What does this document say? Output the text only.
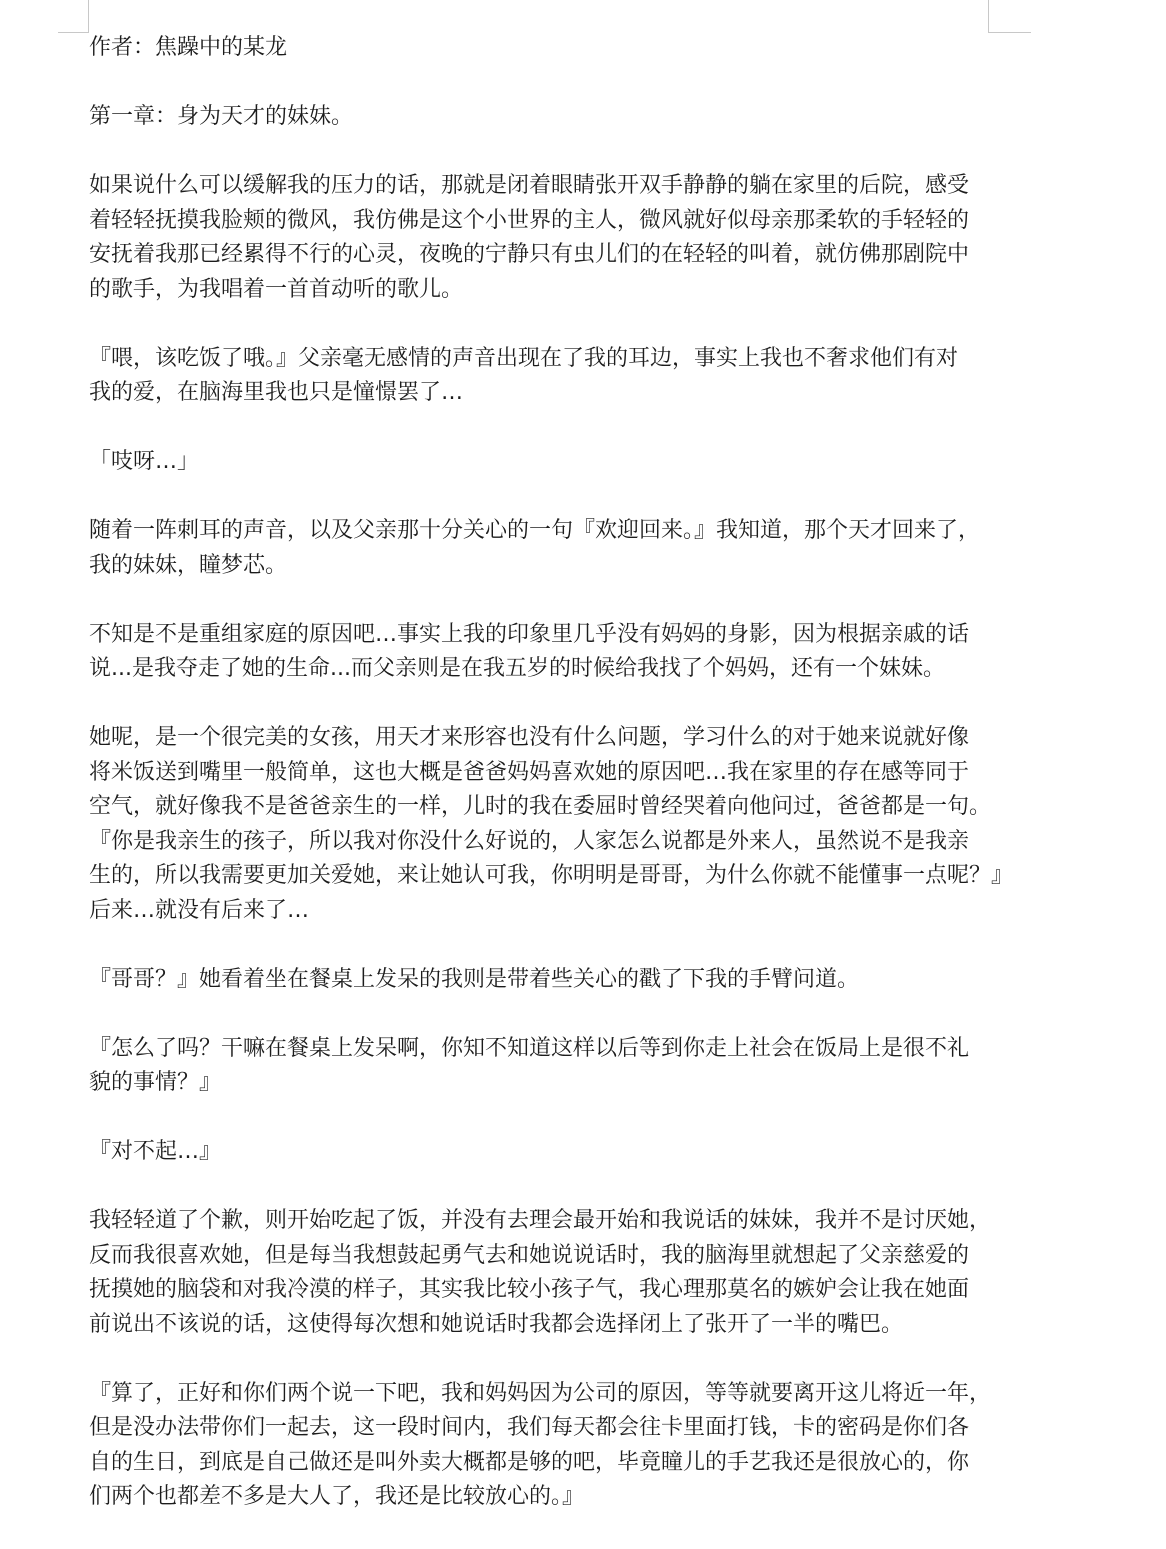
作者：焦躁中的某龙

第一章：身为天才的妹妹。

如果说什么可以缓解我的压力的话，那就是闭着眼睛张开双手静静的躺在家里的后院，感受
着轻轻抚摸我脸颊的微风，我仿佛是这个小世界的主人，微风就好似母亲那柔软的手轻轻的
安抚着我那已经累得不行的心灵，夜晚的宁静只有虫儿们的在轻轻的叫着，就仿佛那剧院中
的歌手，为我唱着一首首动听的歌儿。

『喂，该吃饭了哦。』父亲毫无感情的声音出现在了我的耳边，事实上我也不奢求他们有对
我的爱，在脑海里我也只是憧憬罢了…

「吱呀…」

随着一阵刺耳的声音，以及父亲那十分关心的一句『欢迎回来。』我知道，那个天才回来了，
我的妹妹，瞳梦芯。

不知是不是重组家庭的原因吧…事实上我的印象里几乎没有妈妈的身影，因为根据亲戚的话
说...是我夺走了她的生命...而父亲则是在我五岁的时候给我找了个妈妈，还有一个妹妹。

她呢，是一个很完美的女孩，用天才来形容也没有什么问题，学习什么的对于她来说就好像
将米饭送到嘴里一般简单，这也大概是爸爸妈妈喜欢她的原因吧…我在家里的存在感等同于
空气，就好像我不是爸爸亲生的一样，儿时的我在委屈时曾经哭着向他问过，爸爸都是一句。
『你是我亲生的孩子，所以我对你没什么好说的，人家怎么说都是外来人，虽然说不是我亲
生的，所以我需要更加关爱她，来让她认可我，你明明是哥哥，为什么你就不能懂事一点呢？』
后来…就没有后来了…

『哥哥？』她看着坐在餐桌上发呆的我则是带着些关心的戳了下我的手臂问道。

『怎么了吗？干嘛在餐桌上发呆啊，你知不知道这样以后等到你走上社会在饭局上是很不礼
貌的事情？』

『对不起…』

我轻轻道了个歉，则开始吃起了饭，并没有去理会最开始和我说话的妹妹，我并不是讨厌她，
反而我很喜欢她，但是每当我想鼓起勇气去和她说说话时，我的脑海里就想起了父亲慈爱的
抚摸她的脑袋和对我冷漠的样子，其实我比较小孩子气，我心理那莫名的嫉妒会让我在她面
前说出不该说的话，这使得每次想和她说话时我都会选择闭上了张开了一半的嘴巴。

『算了，正好和你们两个说一下吧，我和妈妈因为公司的原因，等等就要离开这儿将近一年，
但是没办法带你们一起去，这一段时间内，我们每天都会往卡里面打钱，卡的密码是你们各
自的生日，到底是自己做还是叫外卖大概都是够的吧，毕竟瞳儿的手艺我还是很放心的，你
们两个也都差不多是大人了，我还是比较放心的。』
